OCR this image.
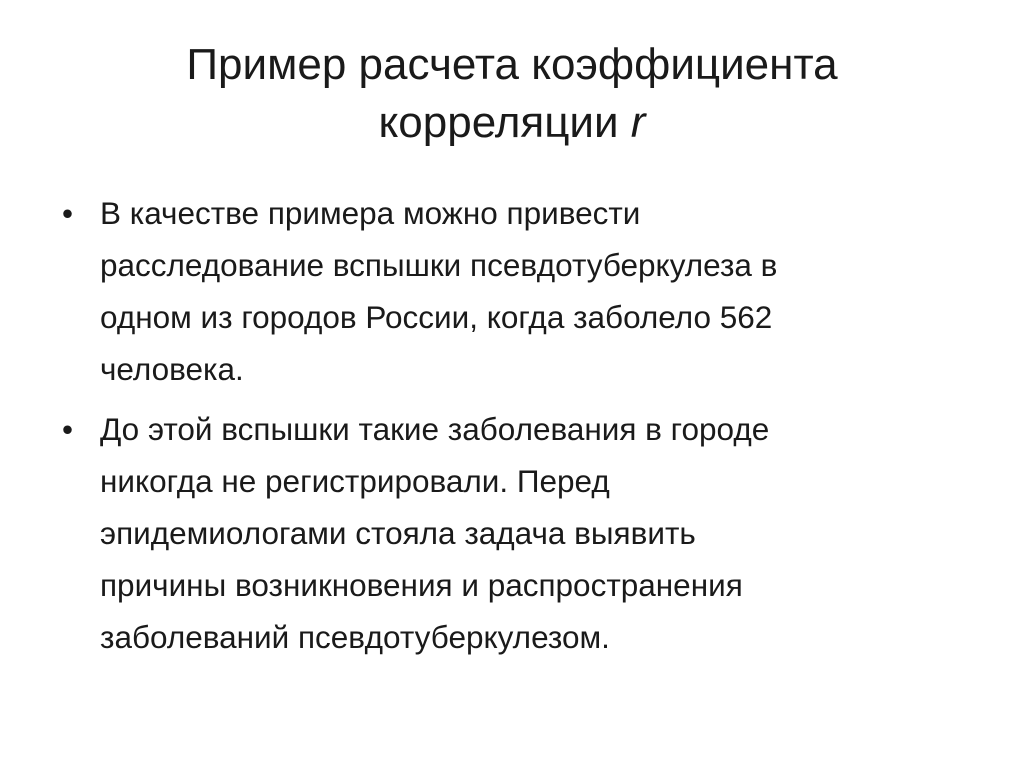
Пример расчета коэффициента
корреляции r
• В качестве примера можно привести
расследование вспышки псевдотуберкулеза в
одном из городов России, когда заболело 562
человека.
• До этой вспышки такие заболевания в городе
никогда не регистрировали. Перед
эпидемиологами стояла задача выявить
причины возникновения и распространения
заболеваний псевдотуберкулезом.
